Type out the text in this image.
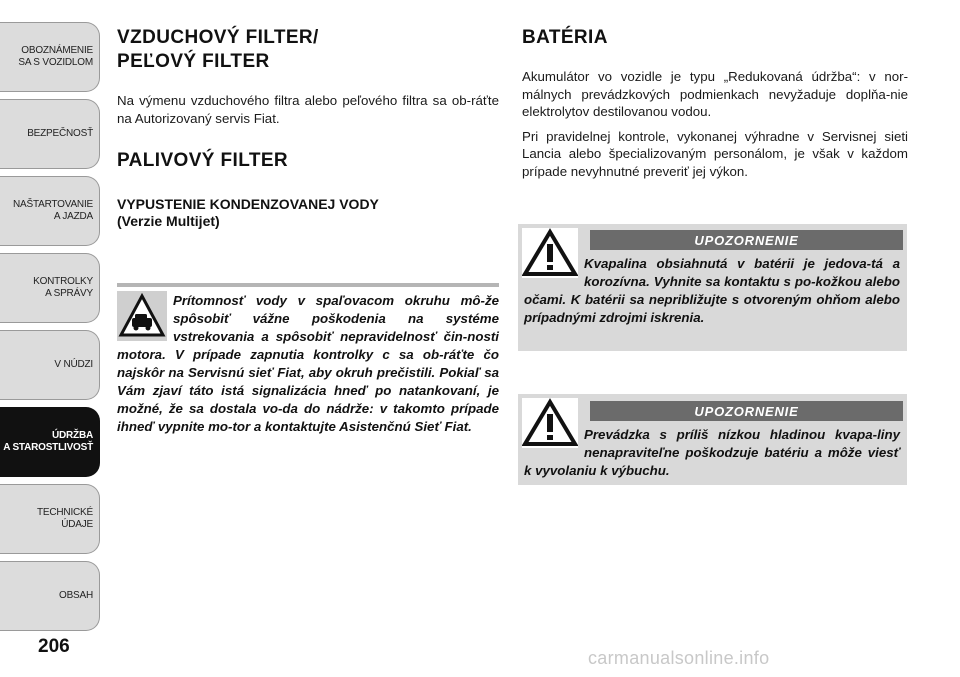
OBOZNÁMENIE
SA S VOZIDLOM
BEZPEČNOSŤ
NAŠTARTOVANIE
A JAZDA
KONTROLKY
A SPRÁVY
V NÚDZI
ÚDRŽBA
A STAROSTLIVOSŤ
TECHNICKÉ
ÚDAJE
OBSAH
206
VZDUCHOVÝ FILTER/
PEĽOVÝ FILTER

Na výmenu vzduchového filtra alebo peľového filtra sa ob-ráťte na Autorizovaný servis Fiat.

PALIVOVÝ FILTER
VYPUSTENIE KONDENZOVANEJ VODY
(Verzie Multijet)
Prítomnosť vody v spaľovacom okruhu mô-že spôsobiť vážne poškodenia na systéme vstrekovania a spôsobiť nepravidelnosť čin-nosti motora. V prípade zapnutia kontrolky c sa ob-ráťte čo najskôr na Servisnú sieť Fiat, aby okruh prečistili. Pokiaľ sa Vám zjaví táto istá signalizácia hneď po natankovaní, je možné, že sa dostala vo-da do nádrže: v takomto prípade ihneď vypnite mo-tor a kontaktujte Asistenčnú Sieť Fiat.
BATÉRIA

Akumulátor vo vozidle je typu „Redukovaná údržba“: v nor-málnych prevádzkových podmienkach nevyžaduje doplňa-nie elektrolytov destilovanou vodou.

Pri pravidelnej kontrole, vykonanej výhradne v Servisnej sieti Lancia alebo špecializovaným personálom, je však v každom prípade nevyhnutné preveriť jej výkon.

UPOZORNENIE
Kvapalina obsiahnutá v batérii je jedova-tá a korozívna. Vyhnite sa kontaktu s po-kožkou alebo očami. K batérii sa nepribližujte s otvoreným ohňom alebo prípadnými zdrojmi iskrenia.
UPOZORNENIE
Prevádzka s príliš nízkou hladinou kvapa-liny nenapraviteľne poškodzuje batériu a môže viesť k vyvolaniu k výbuchu.
carmanualsonline.info
